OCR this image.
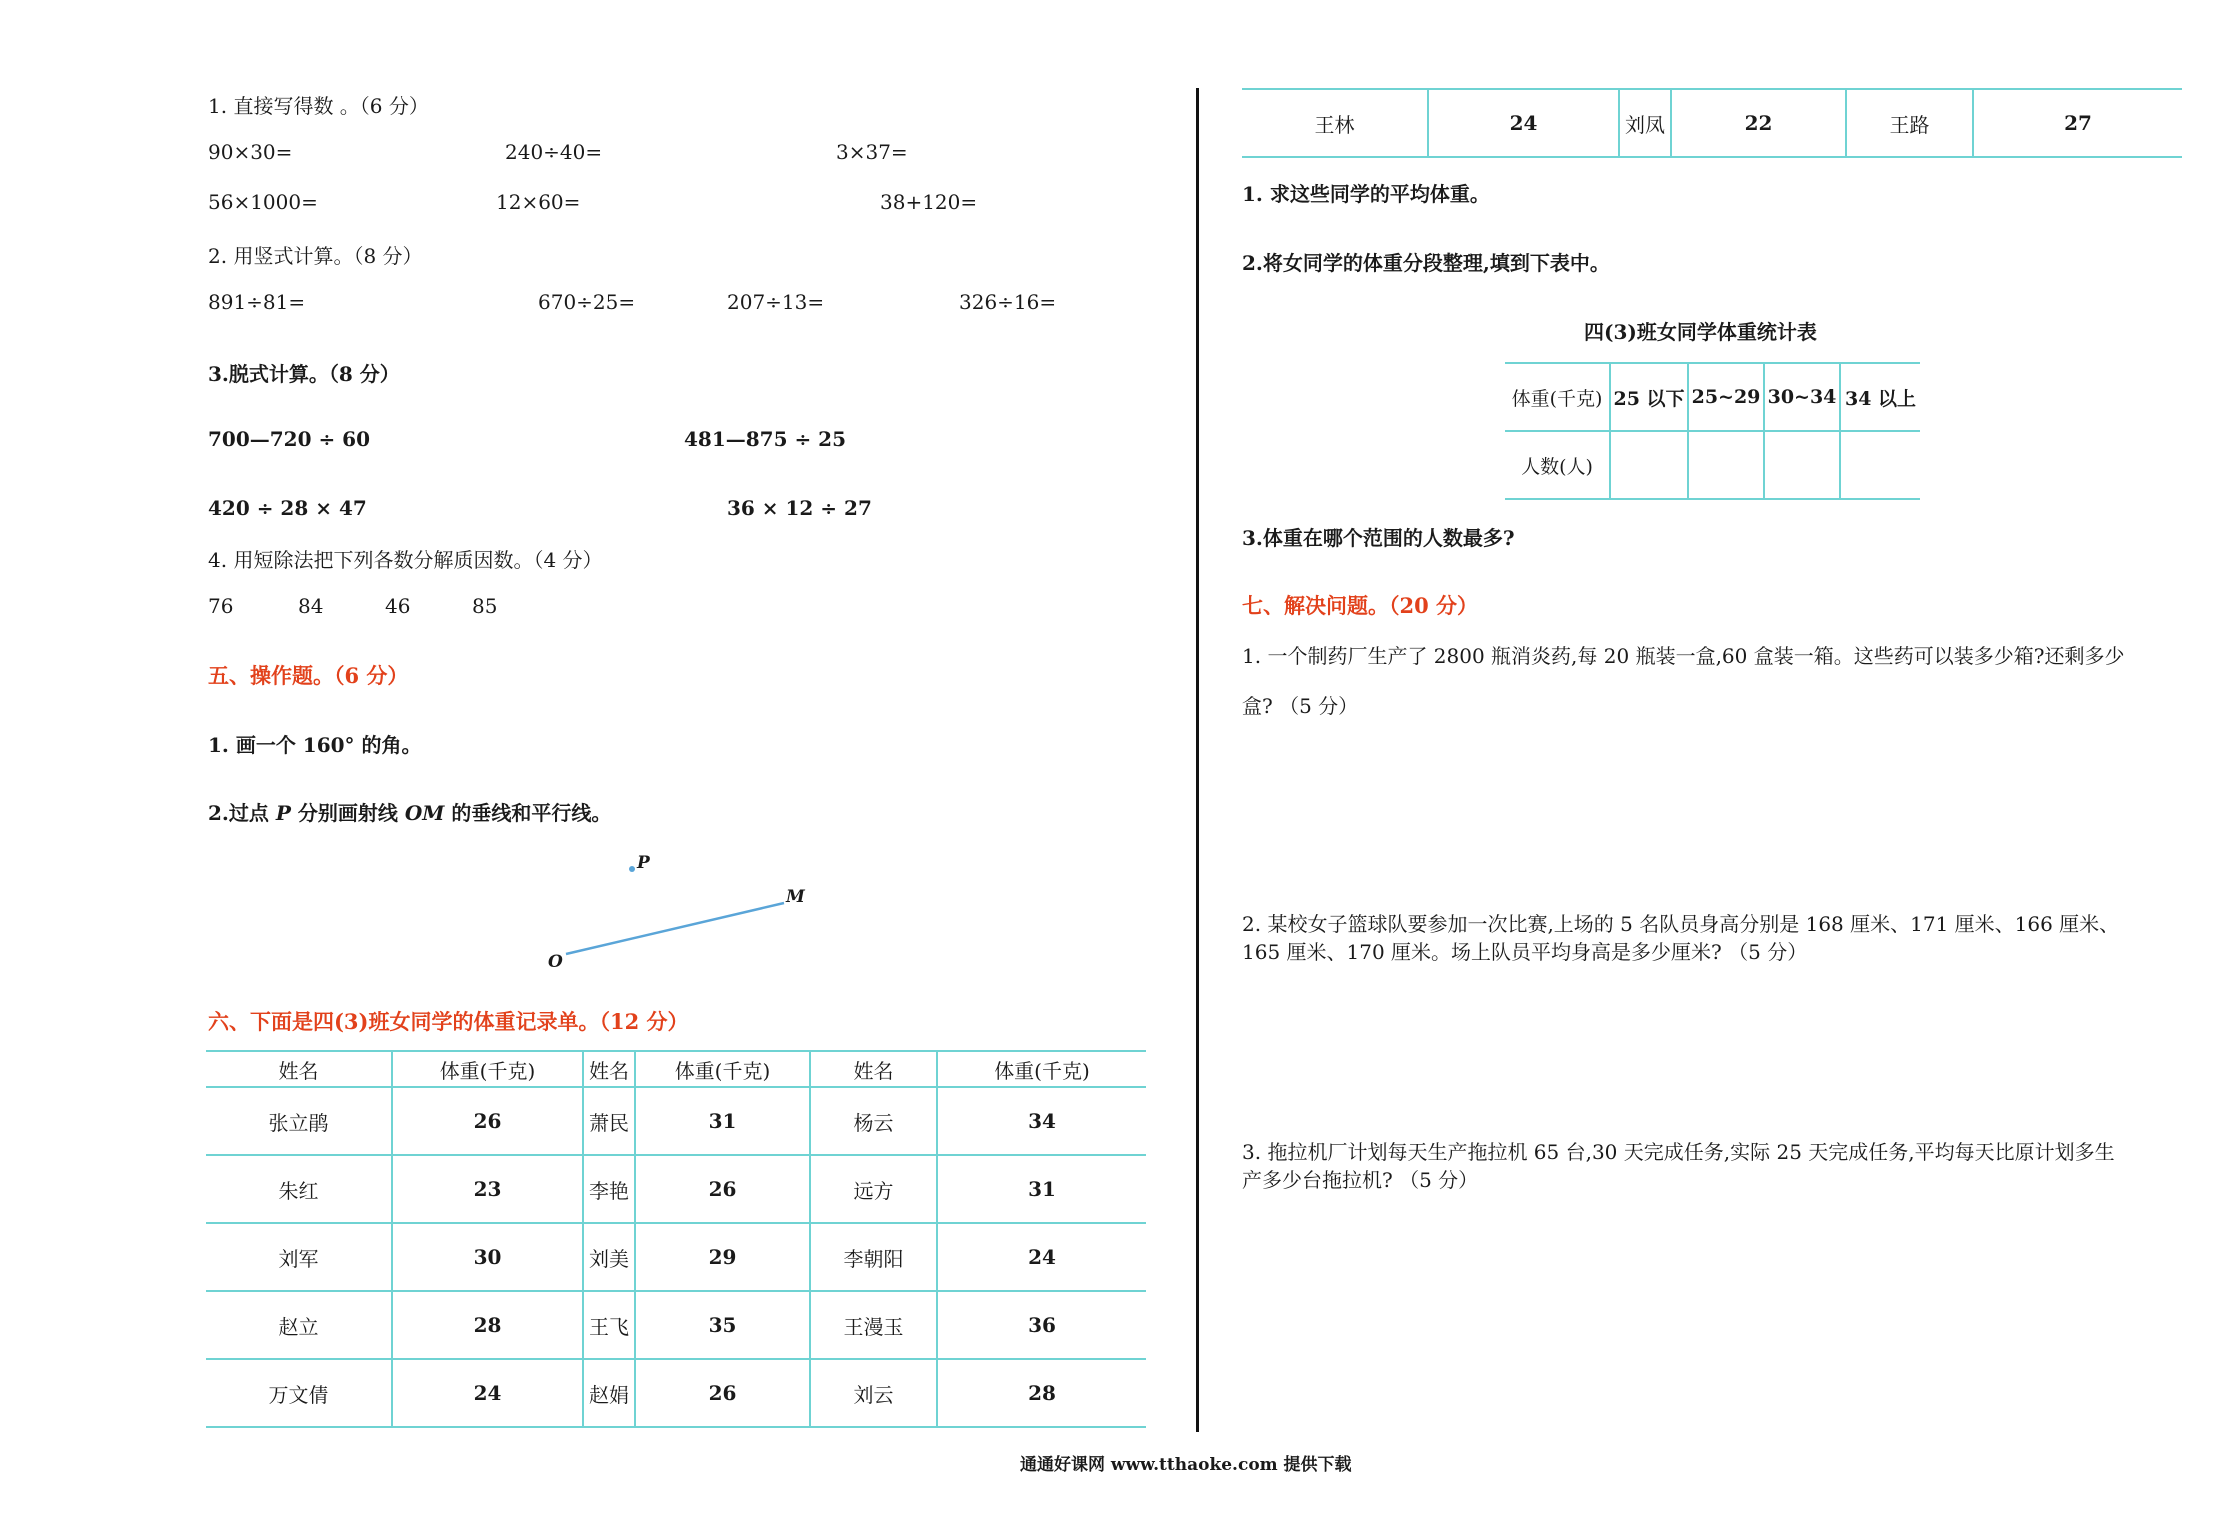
1. 直接写得数 。（6 分）
90×30=	240÷40=	3×37=
56×1000=	12×60=	38+120=
2. 用竖式计算。（8 分）
891÷81=	670÷25=	207÷13=	326÷16=
3.脱式计算。（8 分）
700—720 ÷ 60	481—875 ÷ 25
420 ÷ 28 × 47	36 × 12 ÷ 27
4. 用短除法把下列各数分解质因数。（4 分）
76	84	46	85
五、操作题。（6 分）
1. 画一个 160° 的角。
2.过点 P 分别画射线 OM 的垂线和平行线。
P
M
O
六、下面是四(3)班女同学的体重记录单。（12 分）
姓名	体重(千克)	姓名	体重(千克)	姓名	体重(千克)
张立鹃	26	萧民	31	杨云	34
朱红	23	李艳	26	远方	31
刘军	30	刘美	29	李朝阳	24
赵立	28	王飞	35	王漫玉	36
万文倩	24	赵娟	26	刘云	28
王林	24	刘凤	22	王路	27
1. 求这些同学的平均体重。
2.将女同学的体重分段整理,填到下表中。
四(3)班女同学体重统计表
体重(千克)	25 以下	25~29	30~34	34 以上
人数(人)				
3.体重在哪个范围的人数最多?
七、解决问题。（20 分）
1. 一个制药厂生产了 2800 瓶消炎药,每 20 瓶装一盒,60 盒装一箱。这些药可以装多少箱?还剩多少
盒? （5 分）
2. 某校女子篮球队要参加一次比赛,上场的 5 名队员身高分别是 168 厘米、171 厘米、166 厘米、
165 厘米、170 厘米。场上队员平均身高是多少厘米? （5 分）
3. 拖拉机厂计划每天生产拖拉机 65 台,30 天完成任务,实际 25 天完成任务,平均每天比原计划多生
产多少台拖拉机? （5 分）
通通好课网 www.tthaoke.com 提供下载
